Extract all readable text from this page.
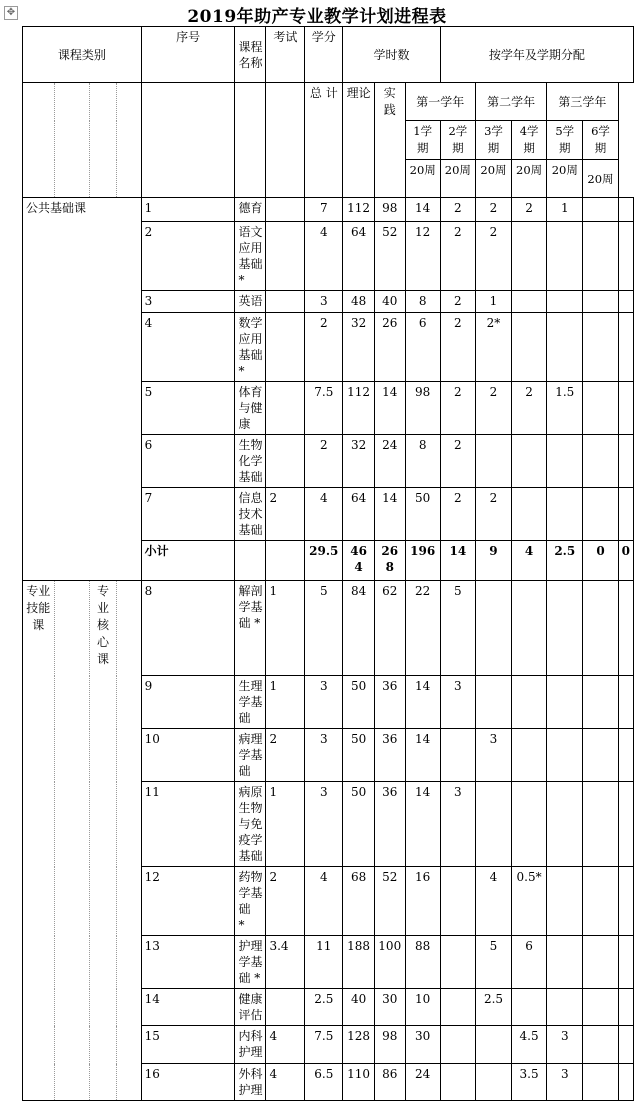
✥	2019年助产专业教学计划进程表
课程类别				序号	课程名称	考试	学分	学时数			按学年及学期分配					
							总 计	理论	实践	第一学年		第二学年		第三学年		
										1学期	2学期	3学期	4学期	5学期	6学期	
										20周	20周	20周	20周	20周	20周	
公共基础课				1	德育		7	112	98	14	2	2	2	1		
				2	语文应用基础 *		4	64	52	12	2	2				
				3	英语		3	48	40	8	2	1				
				4	数学应用基础 *		2	32	26	6	2	2*				
				5	体育与健康		7.5	112	14	98	2	2	2	1.5		
				6	生物化学基础		2	32	24	8	2					
				7	信息技术基础	2	4	64	14	50	2	2				
				小计			29.5	464	268	196	14	9	4	2.5	0	0
专业技能课		专业核心课		8	解剖学基础 *	1	5	84	62	22	5					
				9	生理学基础	1	3	50	36	14	3					
				10	病理学基础	2	3	50	36	14		3				
				11	病原生物与免疫学基础	1	3	50	36	14	3					
				12	药物学基础　*	2	4	68	52	16		4	0.5*			
				13	护理学基础 *	3.4	11	188	100	88		5	6			
				14	健康评估		2.5	40	30	10		2.5				
				15	内科护理	4	7.5	128	98	30			4.5	3		
				16	外科护理	4	6.5	110	86	24			3.5	3		
